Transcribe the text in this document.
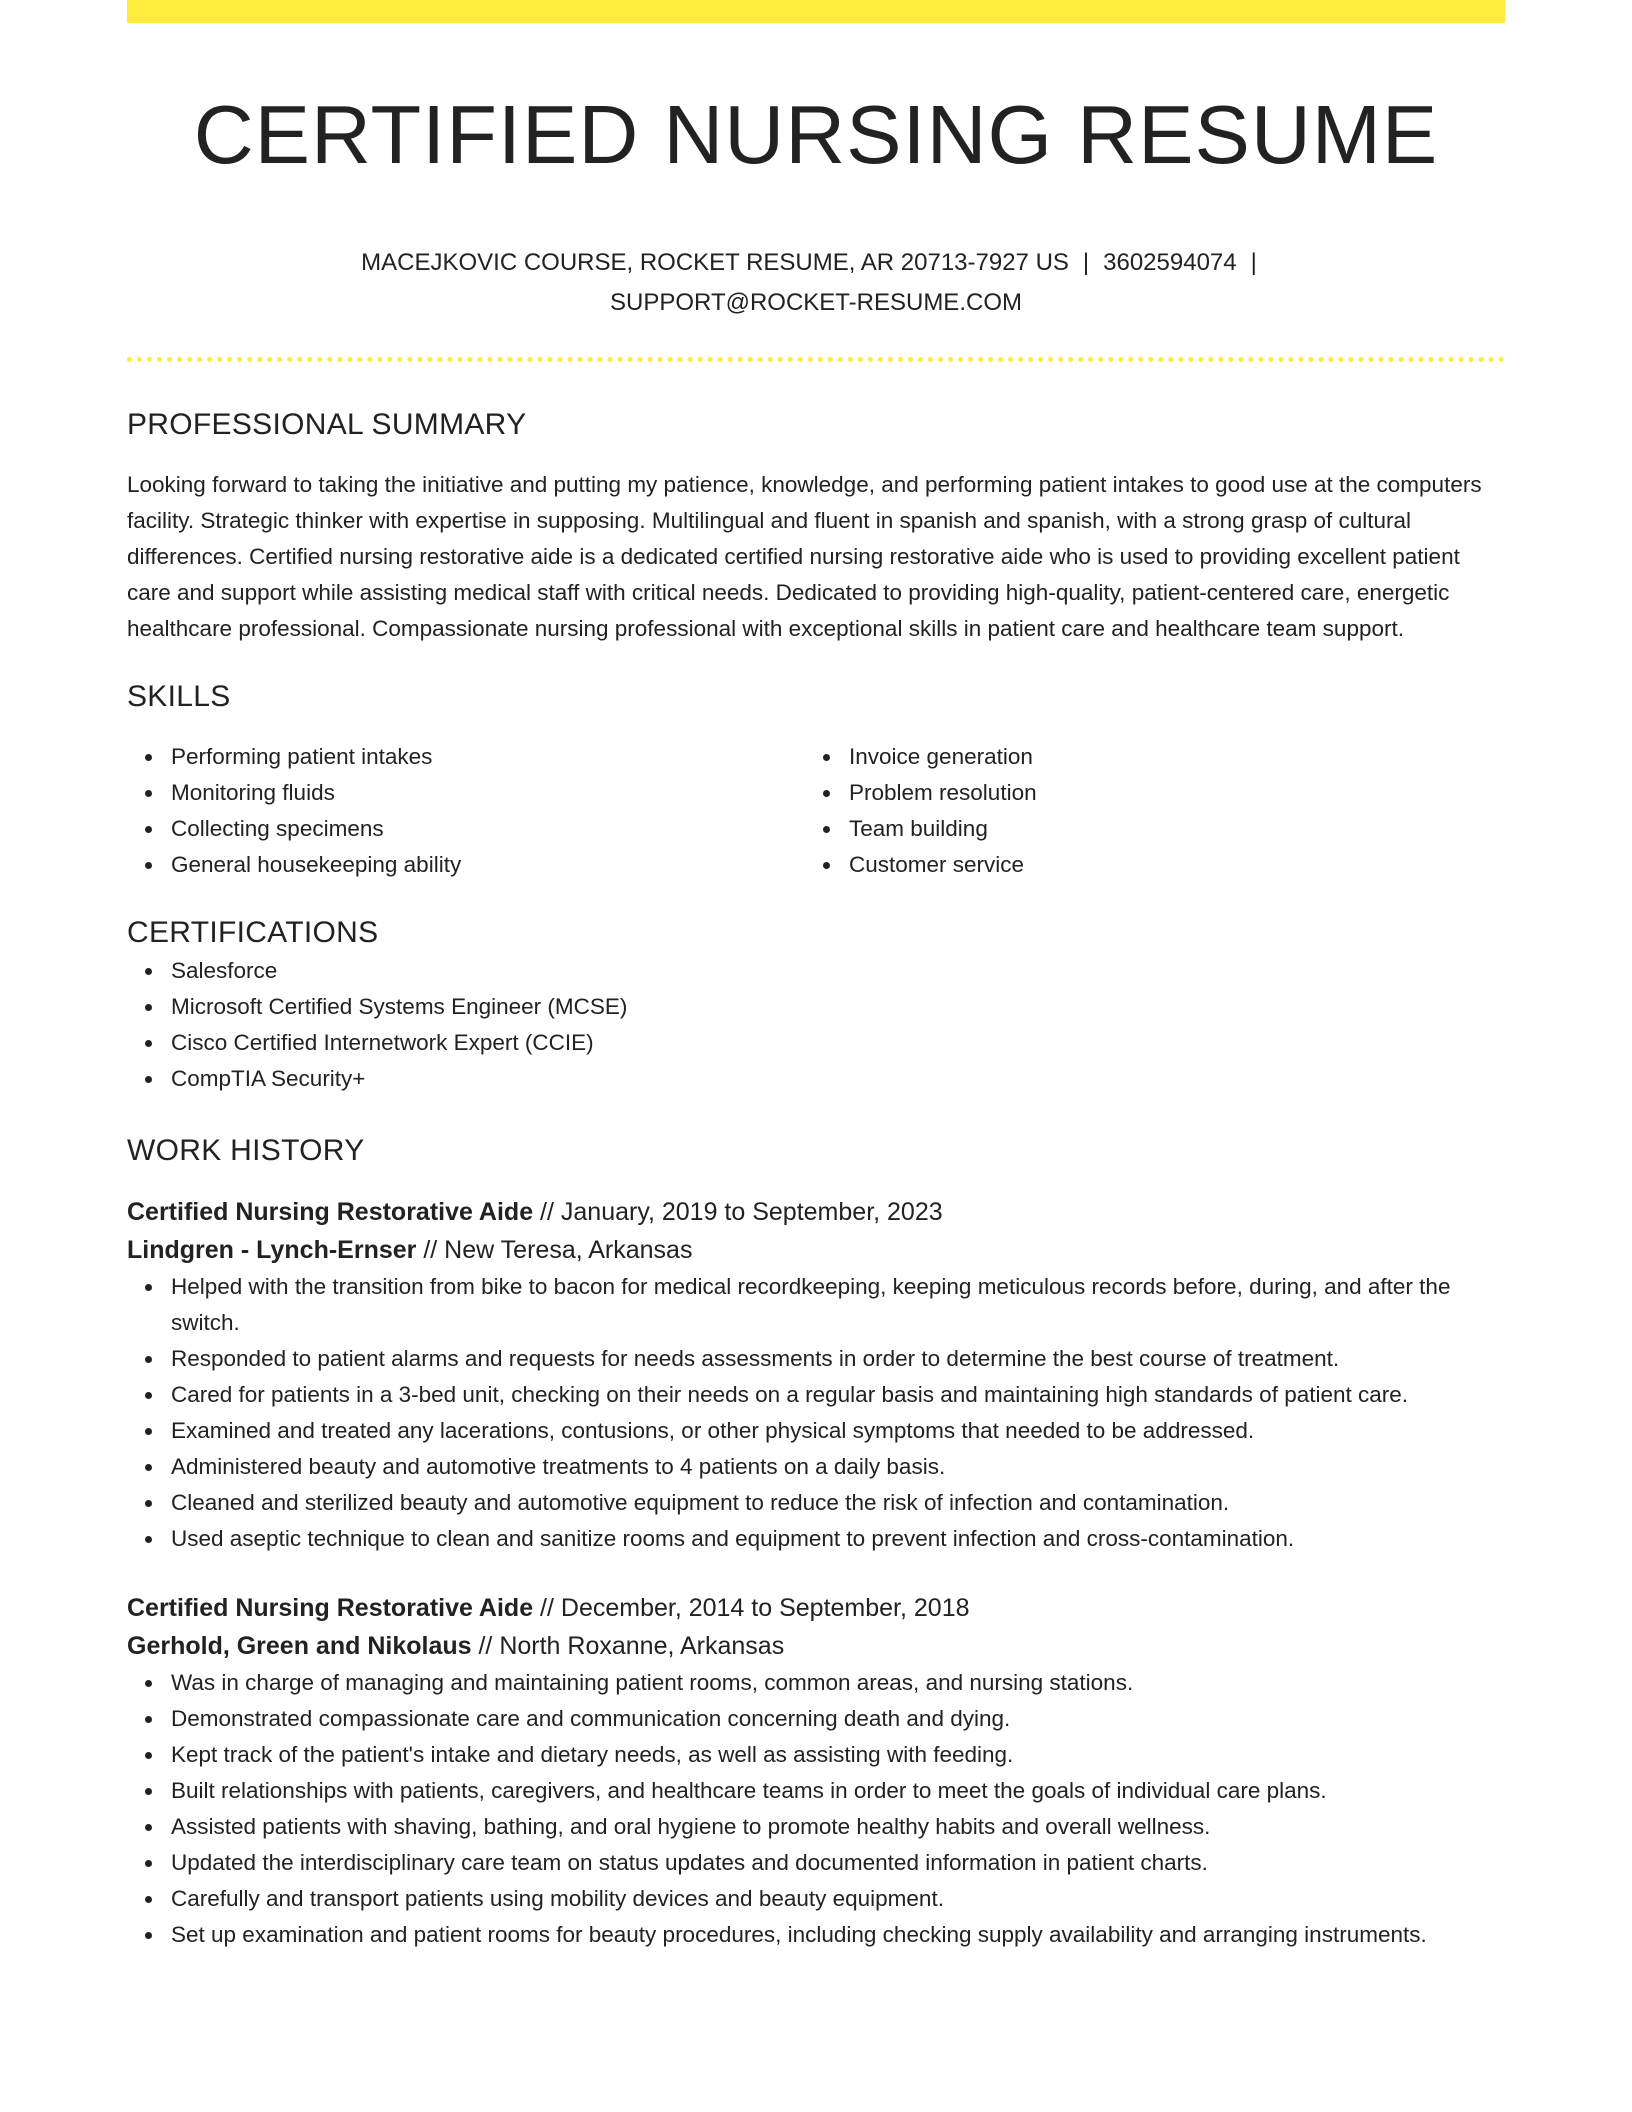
CERTIFIED NURSING RESUME
MACEJKOVIC COURSE, ROCKET RESUME, AR 20713-7927 US | 3602594074 |
SUPPORT@ROCKET-RESUME.COM
PROFESSIONAL SUMMARY
Looking forward to taking the initiative and putting my patience, knowledge, and performing patient intakes to good use at the computers facility. Strategic thinker with expertise in supposing. Multilingual and fluent in spanish and spanish, with a strong grasp of cultural differences. Certified nursing restorative aide is a dedicated certified nursing restorative aide who is used to providing excellent patient care and support while assisting medical staff with critical needs. Dedicated to providing high-quality, patient-centered care, energetic healthcare professional. Compassionate nursing professional with exceptional skills in patient care and healthcare team support.
SKILLS
Performing patient intakes
Monitoring fluids
Collecting specimens
General housekeeping ability
Invoice generation
Problem resolution
Team building
Customer service
CERTIFICATIONS
Salesforce
Microsoft Certified Systems Engineer (MCSE)
Cisco Certified Internetwork Expert (CCIE)
CompTIA Security+
WORK HISTORY
Certified Nursing Restorative Aide // January, 2019 to September, 2023
Lindgren - Lynch-Ernser // New Teresa, Arkansas
Helped with the transition from bike to bacon for medical recordkeeping, keeping meticulous records before, during, and after the switch.
Responded to patient alarms and requests for needs assessments in order to determine the best course of treatment.
Cared for patients in a 3-bed unit, checking on their needs on a regular basis and maintaining high standards of patient care.
Examined and treated any lacerations, contusions, or other physical symptoms that needed to be addressed.
Administered beauty and automotive treatments to 4 patients on a daily basis.
Cleaned and sterilized beauty and automotive equipment to reduce the risk of infection and contamination.
Used aseptic technique to clean and sanitize rooms and equipment to prevent infection and cross-contamination.
Certified Nursing Restorative Aide // December, 2014 to September, 2018
Gerhold, Green and Nikolaus // North Roxanne, Arkansas
Was in charge of managing and maintaining patient rooms, common areas, and nursing stations.
Demonstrated compassionate care and communication concerning death and dying.
Kept track of the patient's intake and dietary needs, as well as assisting with feeding.
Built relationships with patients, caregivers, and healthcare teams in order to meet the goals of individual care plans.
Assisted patients with shaving, bathing, and oral hygiene to promote healthy habits and overall wellness.
Updated the interdisciplinary care team on status updates and documented information in patient charts.
Carefully and transport patients using mobility devices and beauty equipment.
Set up examination and patient rooms for beauty procedures, including checking supply availability and arranging instruments.
